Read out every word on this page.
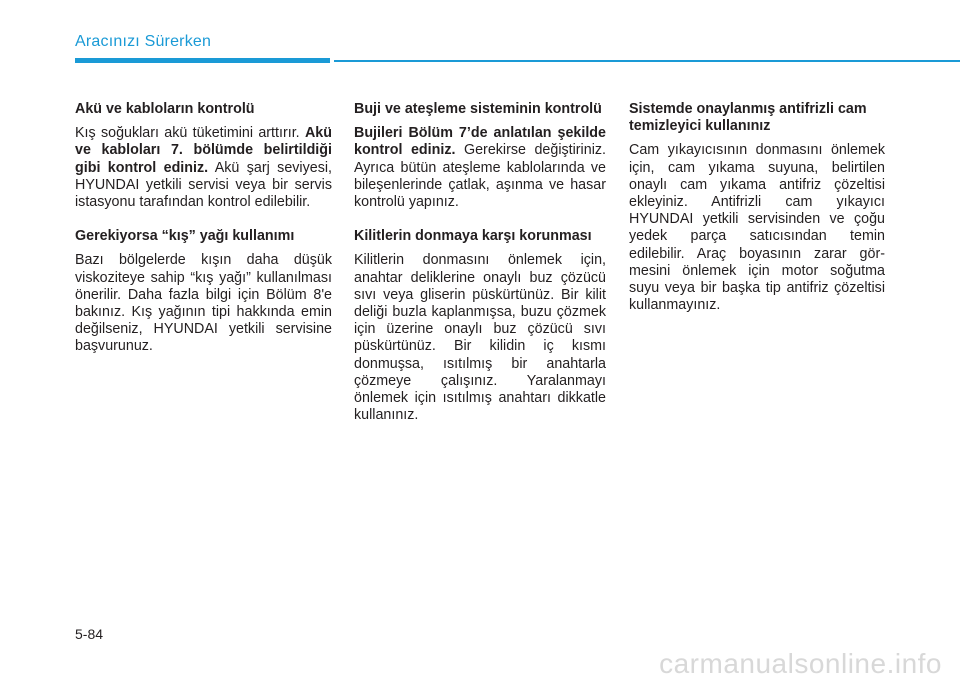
Aracınızı Sürerken
Akü ve kabloların kontrolü

Kış soğukları akü tüketimini arttırır. Akü ve kabloları 7. bölümde belirtildiği gibi kontrol ediniz. Akü şarj seviyesi, HYUNDAI yetkili servisi veya bir servis istasyonu tarafından kontrol edilebilir.

Gerekiyorsa “kış” yağı kullanımı

Bazı bölgelerde kışın daha düşük viskoziteye sahip “kış yağı” kullanılması önerilir. Daha fazla bilgi için Bölüm 8'e bakınız. Kış yağının tipi hakkında emin değilseniz, HYUNDAI yetkili servisine başvurunuz.

Buji ve ateşleme sisteminin kontrolü

Bujileri Bölüm 7’de anlatılan şekilde kontrol ediniz. Gerekirse değiştiriniz. Ayrıca bütün ateşleme kablolarında ve bileşenlerinde çatlak, aşınma ve hasar kontrolü yapınız.

Kilitlerin donmaya karşı korunması

Kilitlerin donmasını önlemek için, anahtar deliklerine onaylı buz çözücü sıvı veya gliserin püskürtünüz. Bir kilit deliği buzla kaplanmışsa, buzu çözmek için üzerine onaylı buz çözücü sıvı püskürtünüz. Bir kilidin iç kısmı donmuşsa, ısıtılmış bir anahtarla çözmeye çalışınız. Yaralanmayı önlemek için ısıtılmış anahtarı dikkatle kullanınız.

Sistemde onaylanmış antifrizli cam temizleyici kullanınız

Cam yıkayıcısının donmasını önlemek için, cam yıkama suyuna, belirtilen onaylı cam yıkama antifriz çözeltisi ekleyiniz. Antifrizli cam yıkayıcı HYUNDAI yetkili servisinden ve çoğu yedek parça satıcısından temin edilebilir. Araç boyasının zarar görmesini önlemek için motor soğutma suyu veya bir başka tip antifriz çözeltisi kullanmayınız.

5-84
carmanualsonline.info
